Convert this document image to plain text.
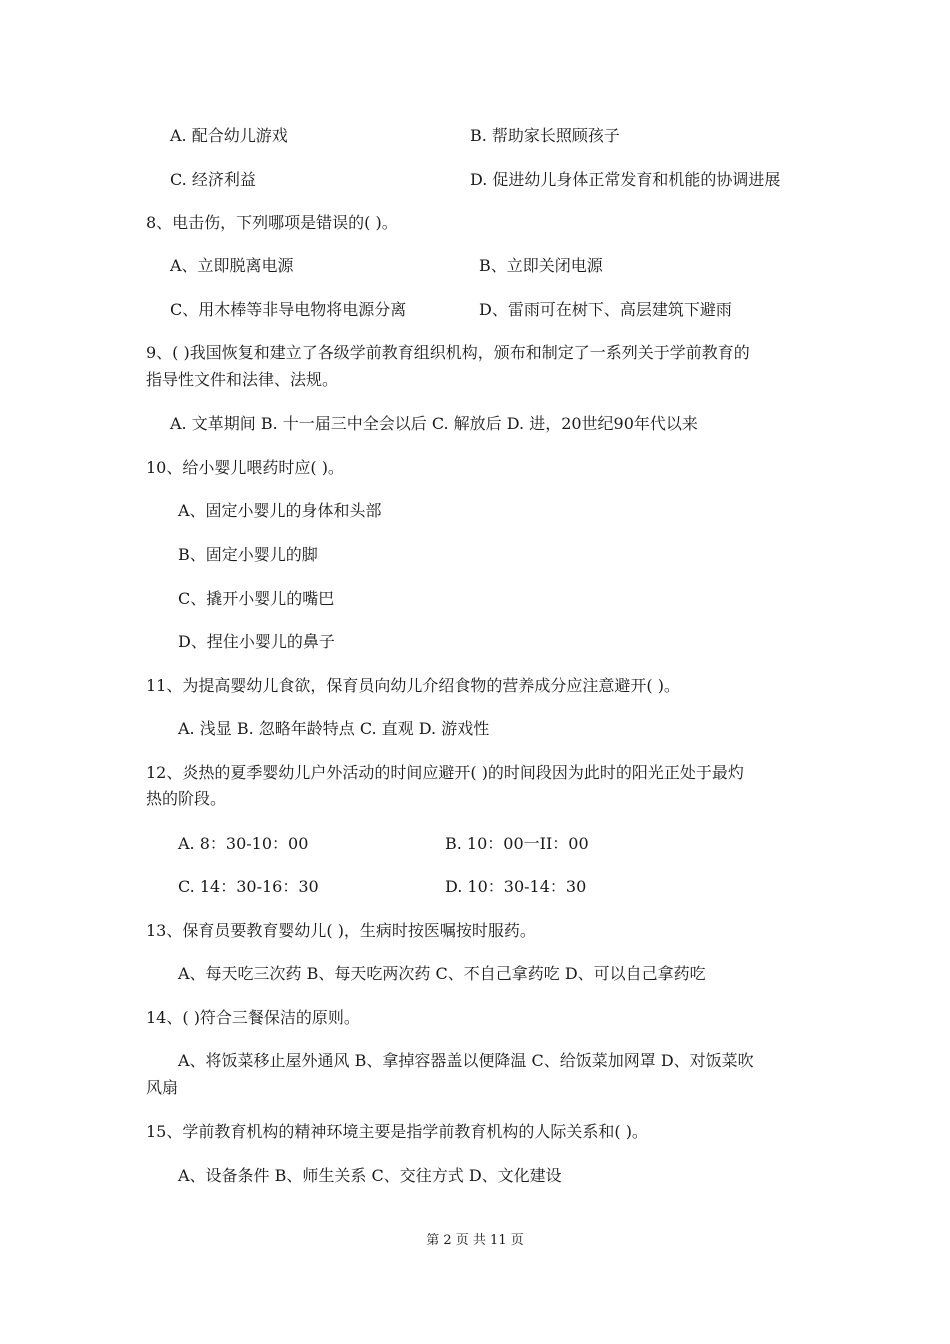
A. 配合幼儿游戏	B. 帮助家长照顾孩子
C. 经济利益	D. 促进幼儿身体正常发育和机能的协调进展
8、电击伤，下列哪项是错误的( )。
A、立即脱离电源	B、立即关闭电源
C、用木棒等非导电物将电源分离	D、雷雨可在树下、高层建筑下避雨
9、( )我国恢复和建立了各级学前教育组织机构，颁布和制定了一系列关于学前教育的
指导性文件和法律、法规。
A. 文革期间 B. 十一届三中全会以后 C. 解放后 D. 进，20世纪90年代以来
10、给小婴儿喂药时应( )。
A、固定小婴儿的身体和头部
B、固定小婴儿的脚
C、撬开小婴儿的嘴巴
D、捏住小婴儿的鼻子
11、为提高婴幼儿食欲，保育员向幼儿介绍食物的营养成分应注意避开( )。
A. 浅显 B. 忽略年龄特点 C. 直观 D. 游戏性
12、炎热的夏季婴幼儿户外活动的时间应避开( )的时间段因为此时的阳光正处于最灼
热的阶段。
A. 8：30-10：00	B. 10：00一II：00
C. 14：30-16：30	D. 10：30-14：30
13、保育员要教育婴幼儿( )，生病时按医嘱按时服药。
A、每天吃三次药 B、每天吃两次药 C、不自己拿药吃 D、可以自己拿药吃
14、( )符合三餐保洁的原则。
A、将饭菜移止屋外通风 B、拿掉容器盖以便降温 C、给饭菜加网罩 D、对饭菜吹
风扇
15、学前教育机构的精神环境主要是指学前教育机构的人际关系和( )。
A、设备条件 B、师生关系 C、交往方式 D、文化建设
第 2 页 共 11 页
